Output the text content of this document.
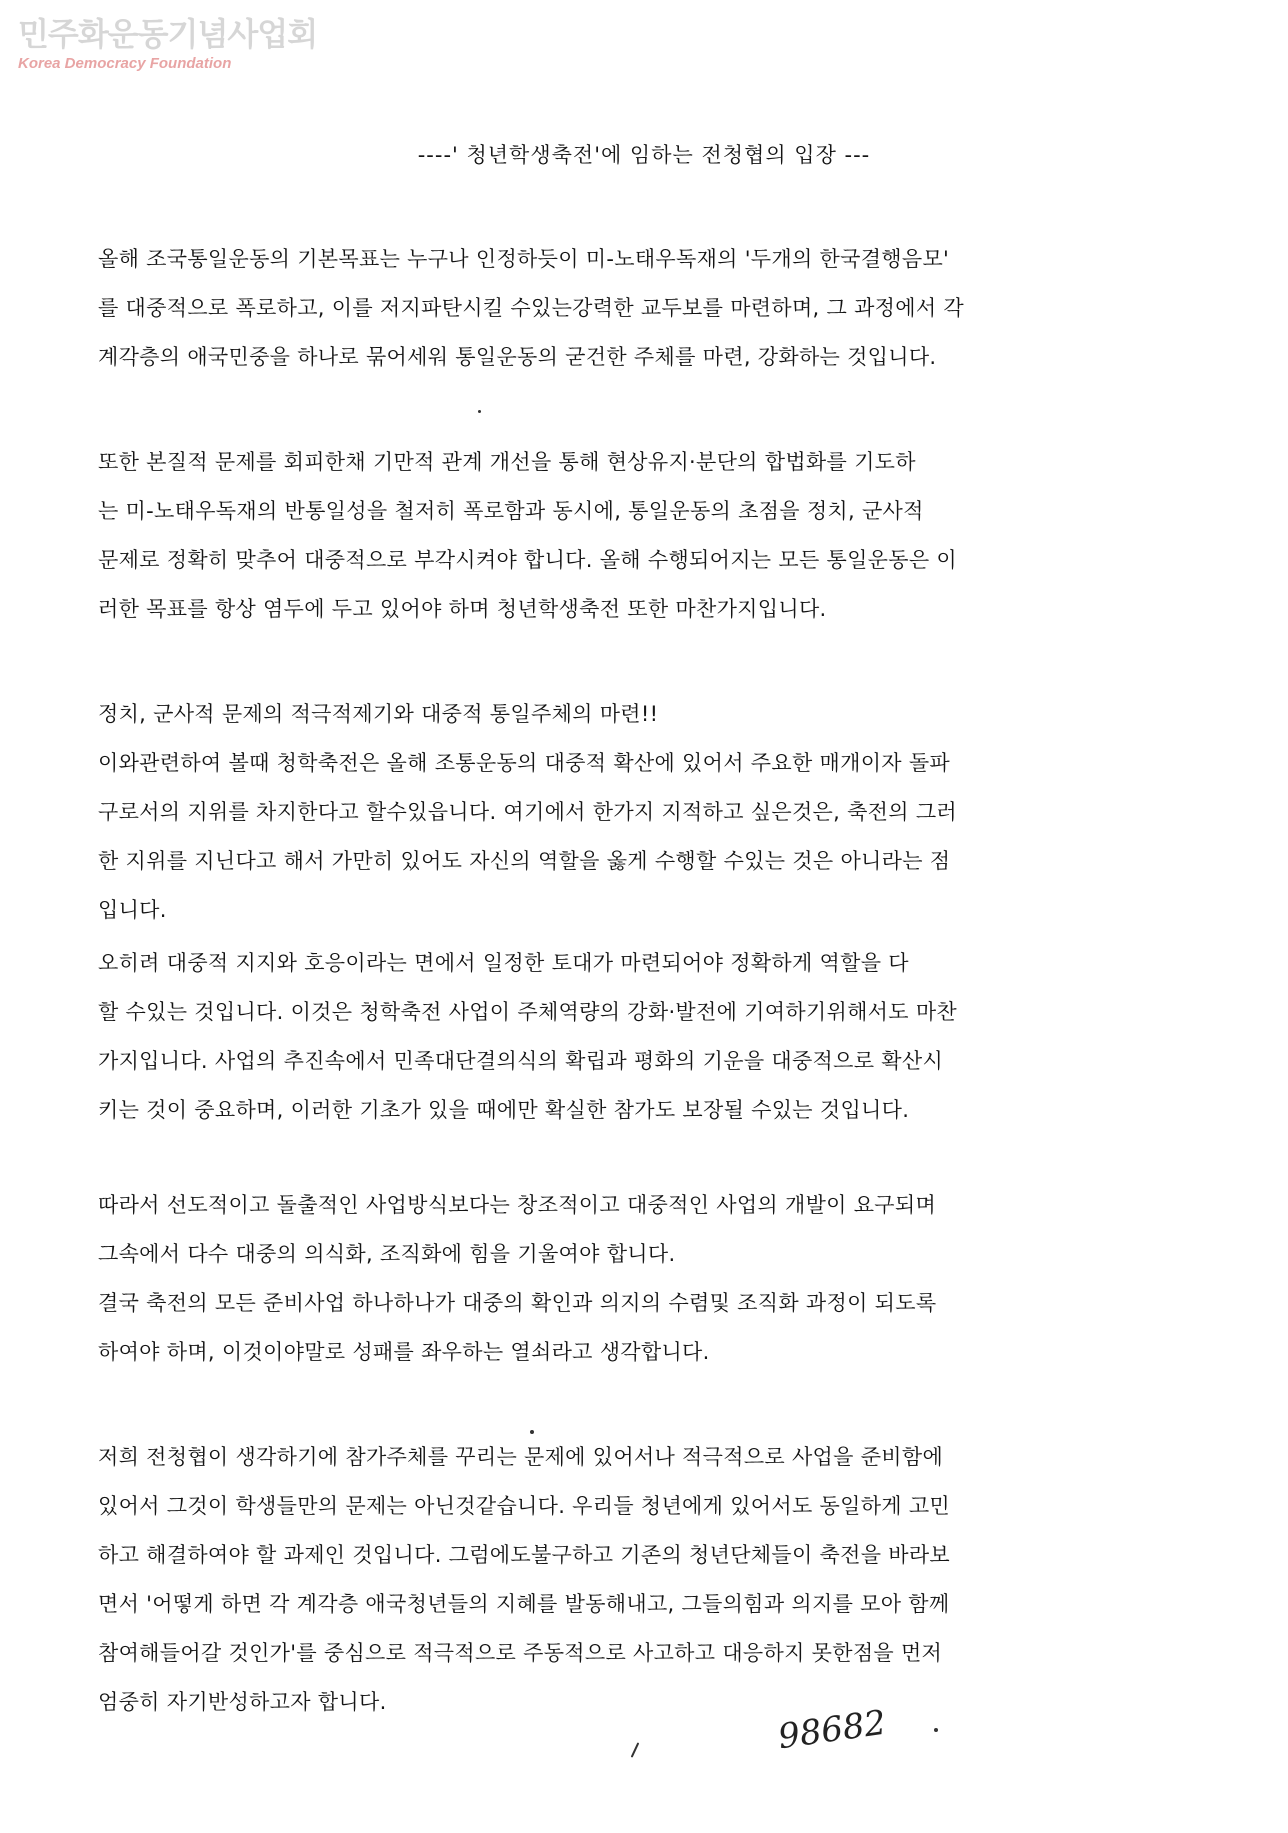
민주화운동기념사업회
Korea Democracy Foundation
----' 청년학생축전'에 임하는 전청협의 입장 ---
올해 조국통일운동의 기본목표는 누구나 인정하듯이 미-노태우독재의 '두개의 한국결행음모'
를 대중적으로 폭로하고, 이를 저지파탄시킬 수있는강력한 교두보를 마련하며, 그 과정에서 각
계각층의 애국민중을 하나로 묶어세워 통일운동의 굳건한 주체를 마련, 강화하는 것입니다.
또한 본질적 문제를 회피한채 기만적 관계 개선을 통해 현상유지·분단의 합법화를 기도하
는 미-노태우독재의 반통일성을 철저히 폭로함과 동시에, 통일운동의 초점을 정치, 군사적
문제로 정확히 맞추어 대중적으로 부각시켜야 합니다. 올해 수행되어지는 모든 통일운동은 이
러한 목표를 항상 염두에 두고 있어야 하며 청년학생축전 또한 마찬가지입니다.
정치, 군사적 문제의 적극적제기와 대중적 통일주체의 마련!!
이와관련하여 볼때 청학축전은 올해 조통운동의 대중적 확산에 있어서 주요한 매개이자 돌파
구로서의 지위를 차지한다고 할수있읍니다. 여기에서 한가지 지적하고 싶은것은, 축전의 그러
한 지위를 지닌다고 해서 가만히 있어도 자신의 역할을 옳게 수행할 수있는 것은 아니라는 점
입니다.
오히려 대중적 지지와 호응이라는 면에서 일정한 토대가 마련되어야 정확하게 역할을 다
할 수있는 것입니다. 이것은 청학축전 사업이 주체역량의 강화·발전에 기여하기위해서도 마찬
가지입니다. 사업의 추진속에서 민족대단결의식의 확립과 평화의 기운을 대중적으로 확산시
키는 것이 중요하며, 이러한 기초가 있을 때에만 확실한 참가도 보장될 수있는 것입니다.
따라서 선도적이고 돌출적인 사업방식보다는 창조적이고 대중적인 사업의 개발이 요구되며
그속에서 다수 대중의 의식화, 조직화에 힘을 기울여야 합니다.
결국 축전의 모든 준비사업 하나하나가 대중의 확인과 의지의 수렴및 조직화 과정이 되도록
하여야 하며, 이것이야말로 성패를 좌우하는 열쇠라고 생각합니다.
저희 전청협이 생각하기에 참가주체를 꾸리는 문제에 있어서나 적극적으로 사업을 준비함에
있어서 그것이 학생들만의 문제는 아닌것같습니다. 우리들 청년에게 있어서도 동일하게 고민
하고 해결하여야 할 과제인 것입니다. 그럼에도불구하고 기존의 청년단체들이 축전을 바라보
면서 '어떻게 하면 각 계각층 애국청년들의 지혜를 발동해내고, 그들의힘과 의지를 모아 함께
참여해들어갈 것인가'를 중심으로 적극적으로 주동적으로 사고하고 대응하지 못한점을 먼저
엄중히 자기반성하고자 합니다.
98682
